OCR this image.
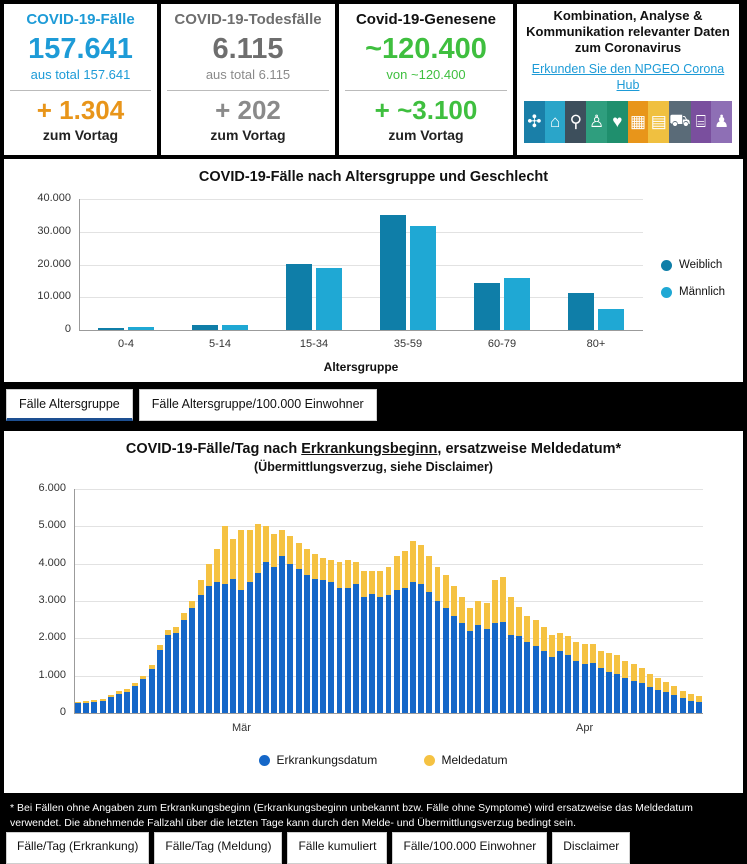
COVID-19-Fälle
157.641
aus total 157.641
+ 1.304
zum Vortag
COVID-19-Todesfälle
6.115
aus total 6.115
+ 202
zum Vortag
Covid-19-Genesene
~120.400
von ~120.400
+ ~3.100
zum Vortag
Kombination, Analyse & Kommunikation relevanter Daten zum Coronavirus
Erkunden Sie den NPGEO Corona Hub
✣ ⌂ ⚲ ♙ ♥ ▦ ▤ ⛟ ⌸ ♟
COVID-19-Fälle nach Altersgruppe und Geschlecht
0
10.000
20.000
30.000
40.000
0-4	5-14	15-34	35-59	60-79	80+
Altersgruppe
Weiblich
Männlich
Fälle Altersgruppe	Fälle Altersgruppe/100.000 Einwohner
COVID-19-Fälle/Tag nach Erkrankungsbeginn, ersatzweise Meldedatum*
(Übermittlungsverzug, siehe Disclaimer)
0
1.000
2.000
3.000
4.000
5.000
6.000
Mär	Apr
Erkrankungsdatum	Meldedatum
* Bei Fällen ohne Angaben zum Erkrankungsbeginn (Erkrankungsbeginn unbekannt bzw. Fälle ohne Symptome) wird ersatzweise das Meldedatum verwendet. Die abnehmende Fallzahl über die letzten Tage kann durch den Melde- und Übermittlungsverzug bedingt sein.
Fälle/Tag (Erkrankung)	Fälle/Tag (Meldung)	Fälle kumuliert	Fälle/100.000 Einwohner	Disclaimer
